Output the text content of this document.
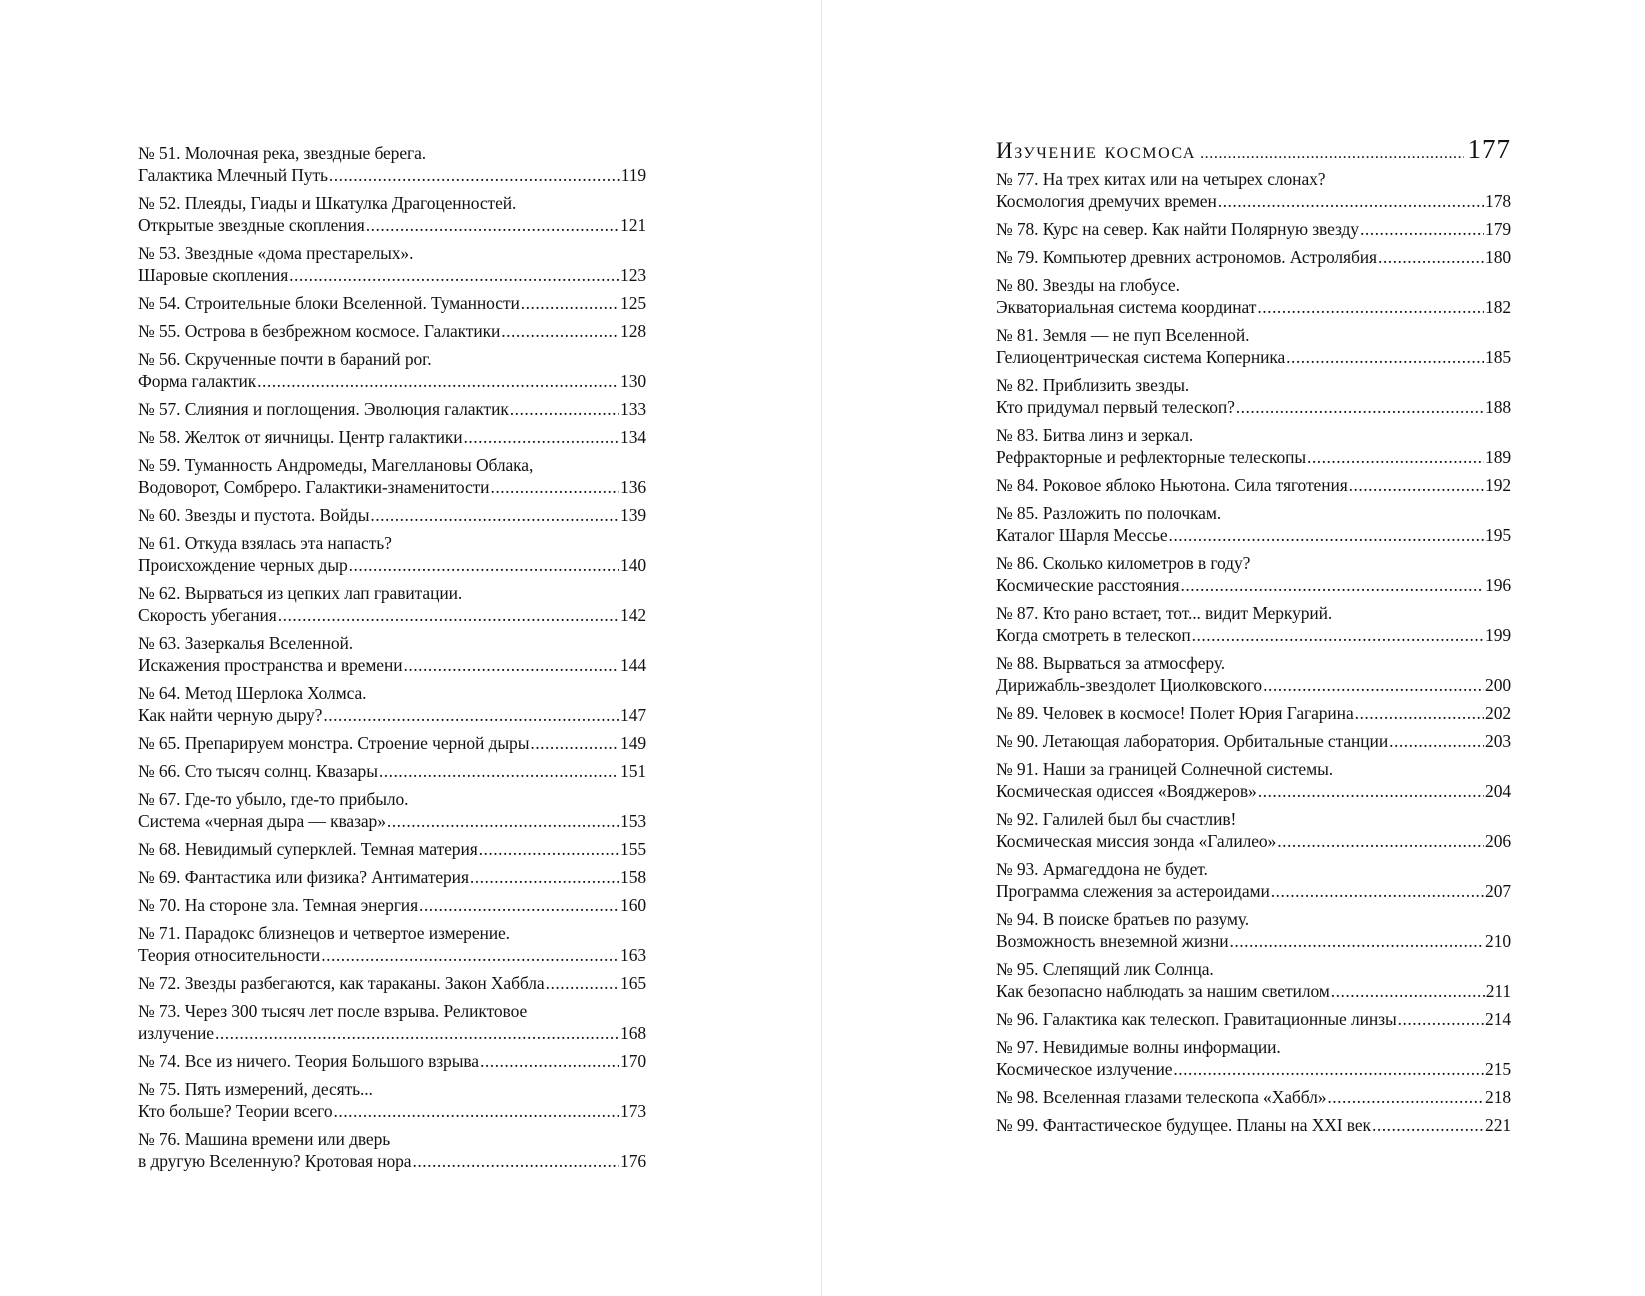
№ 51. Молочная река, звездные берега.
Галактика Млечный Путь .....	119
№ 52. Плеяды, Гиады и Шкатулка Драгоценностей.
Открытые звездные скопления .....	121
№ 53. Звездные «дома престарелых».
Шаровые скопления .....	123
№ 54. Строительные блоки Вселенной. Туманности .....	125
№ 55. Острова в безбрежном космосе. Галактики .....	128
№ 56. Скрученные почти в бараний рог.
Форма галактик .....	130
№ 57. Слияния и поглощения. Эволюция галактик .....	133
№ 58. Желток от яичницы. Центр галактики .....	134
№ 59. Туманность Андромеды, Магеллановы Облака,
Водоворот, Сомбреро. Галактики-знаменитости .....	136
№ 60. Звезды и пустота. Войды .....	139
№ 61. Откуда взялась эта напасть?
Происхождение черных дыр .....	140
№ 62. Вырваться из цепких лап гравитации.
Скорость убегания .....	142
№ 63. Зазеркалья Вселенной.
Искажения пространства и времени .....	144
№ 64. Метод Шерлока Холмса.
Как найти черную дыру? .....	147
№ 65. Препарируем монстра. Строение черной дыры .....	149
№ 66. Сто тысяч солнц. Квазары .....	151
№ 67. Где-то убыло, где-то прибыло.
Система «черная дыра — квазар» .....	153
№ 68. Невидимый суперклей. Темная материя .....	155
№ 69. Фантастика или физика? Антиматерия .....	158
№ 70. На стороне зла. Темная энергия .....	160
№ 71. Парадокс близнецов и четвертое измерение.
Теория относительности .....	163
№ 72. Звезды разбегаются, как тараканы. Закон Хаббла .....	165
№ 73. Через 300 тысяч лет после взрыва. Реликтовое
излучение .....	168
№ 74. Все из ничего. Теория Большого взрыва .....	170
№ 75. Пять измерений, десять...
Кто больше? Теории всего .....	173
№ 76. Машина времени или дверь
в другую Вселенную? Кротовая нора .....	176
Изучение космоса .....	177
№ 77. На трех китах или на четырех слонах?
Космология дремучих времен .....	178
№ 78. Курс на север. Как найти Полярную звезду .....	179
№ 79. Компьютер древних астрономов. Астролябия .....	180
№ 80. Звезды на глобусе.
Экваториальная система координат .....	182
№ 81. Земля — не пуп Вселенной.
Гелиоцентрическая система Коперника .....	185
№ 82. Приблизить звезды.
Кто придумал первый телескоп? .....	188
№ 83. Битва линз и зеркал.
Рефракторные и рефлекторные телескопы .....	189
№ 84. Роковое яблоко Ньютона. Сила тяготения .....	192
№ 85. Разложить по полочкам.
Каталог Шарля Мессье .....	195
№ 86. Сколько километров в году?
Космические расстояния .....	196
№ 87. Кто рано встает, тот... видит Меркурий.
Когда смотреть в телескоп .....	199
№ 88. Вырваться за атмосферу.
Дирижабль-звездолет Циолковского .....	200
№ 89. Человек в космосе! Полет Юрия Гагарина .....	202
№ 90. Летающая лаборатория. Орбитальные станции .....	203
№ 91. Наши за границей Солнечной системы.
Космическая одиссея «Вояджеров» .....	204
№ 92. Галилей был бы счастлив!
Космическая миссия зонда «Галилео» .....	206
№ 93. Армагеддона не будет.
Программа слежения за астероидами .....	207
№ 94. В поиске братьев по разуму.
Возможность внеземной жизни .....	210
№ 95. Слепящий лик Солнца.
Как безопасно наблюдать за нашим светилом .....	211
№ 96. Галактика как телескоп. Гравитационные линзы .....	214
№ 97. Невидимые волны информации.
Космическое излучение .....	215
№ 98. Вселенная глазами телескопа «Хаббл» .....	218
№ 99. Фантастическое будущее. Планы на XXI век .....	221
